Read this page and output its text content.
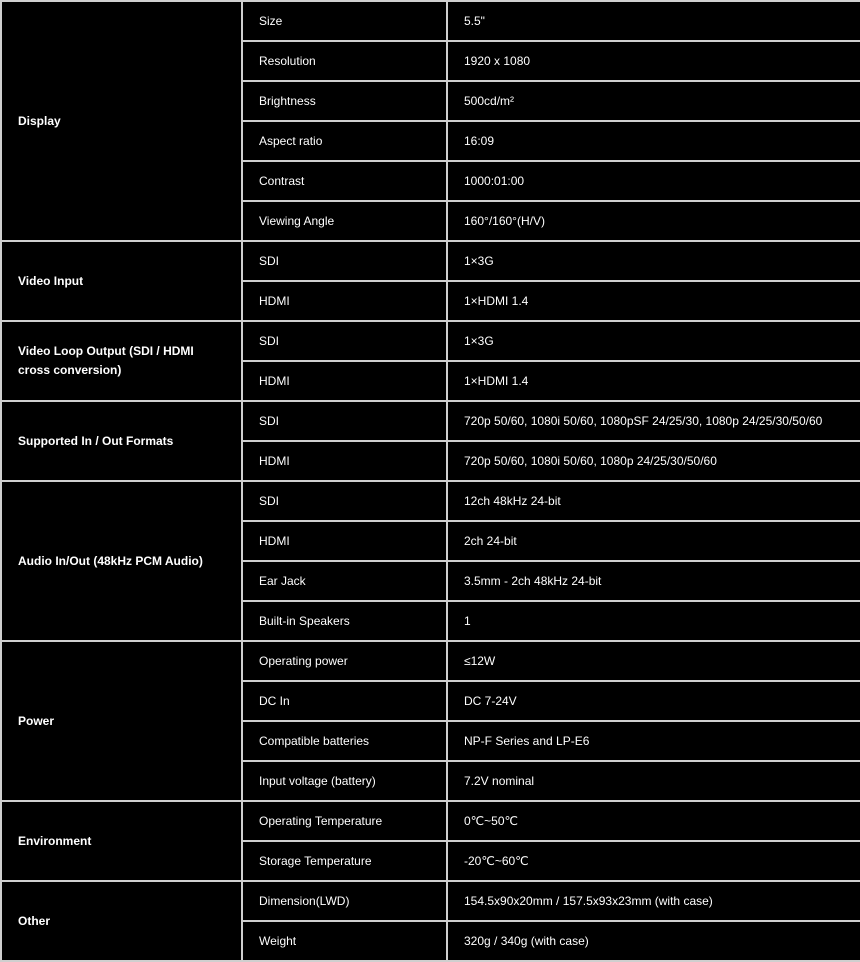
Display	Size	5.5"
	Resolution	1920 x 1080
	Brightness	500cd/m²
	Aspect ratio	16:09
	Contrast	1000:01:00
	Viewing Angle	160°/160°(H/V)
Video Input	SDI	1×3G
	HDMI	1×HDMI 1.4
Video Loop Output (SDI / HDMI cross conversion)	SDI	1×3G
	HDMI	1×HDMI 1.4
Supported In / Out Formats	SDI	720p 50/60, 1080i 50/60, 1080pSF 24/25/30, 1080p 24/25/30/50/60
	HDMI	720p 50/60, 1080i 50/60, 1080p 24/25/30/50/60
Audio In/Out (48kHz PCM Audio)	SDI	12ch 48kHz 24-bit
	HDMI	2ch 24-bit
	Ear Jack	3.5mm - 2ch 48kHz 24-bit
	Built-in Speakers	1
Power	Operating power	≤12W
	DC In	DC 7-24V
	Compatible batteries	NP-F Series and LP-E6
	Input voltage (battery)	7.2V nominal
Environment	Operating Temperature	0℃~50℃
	Storage Temperature	-20℃~60℃
Other	Dimension(LWD)	154.5x90x20mm / 157.5x93x23mm (with case)
	Weight	320g / 340g (with case)
